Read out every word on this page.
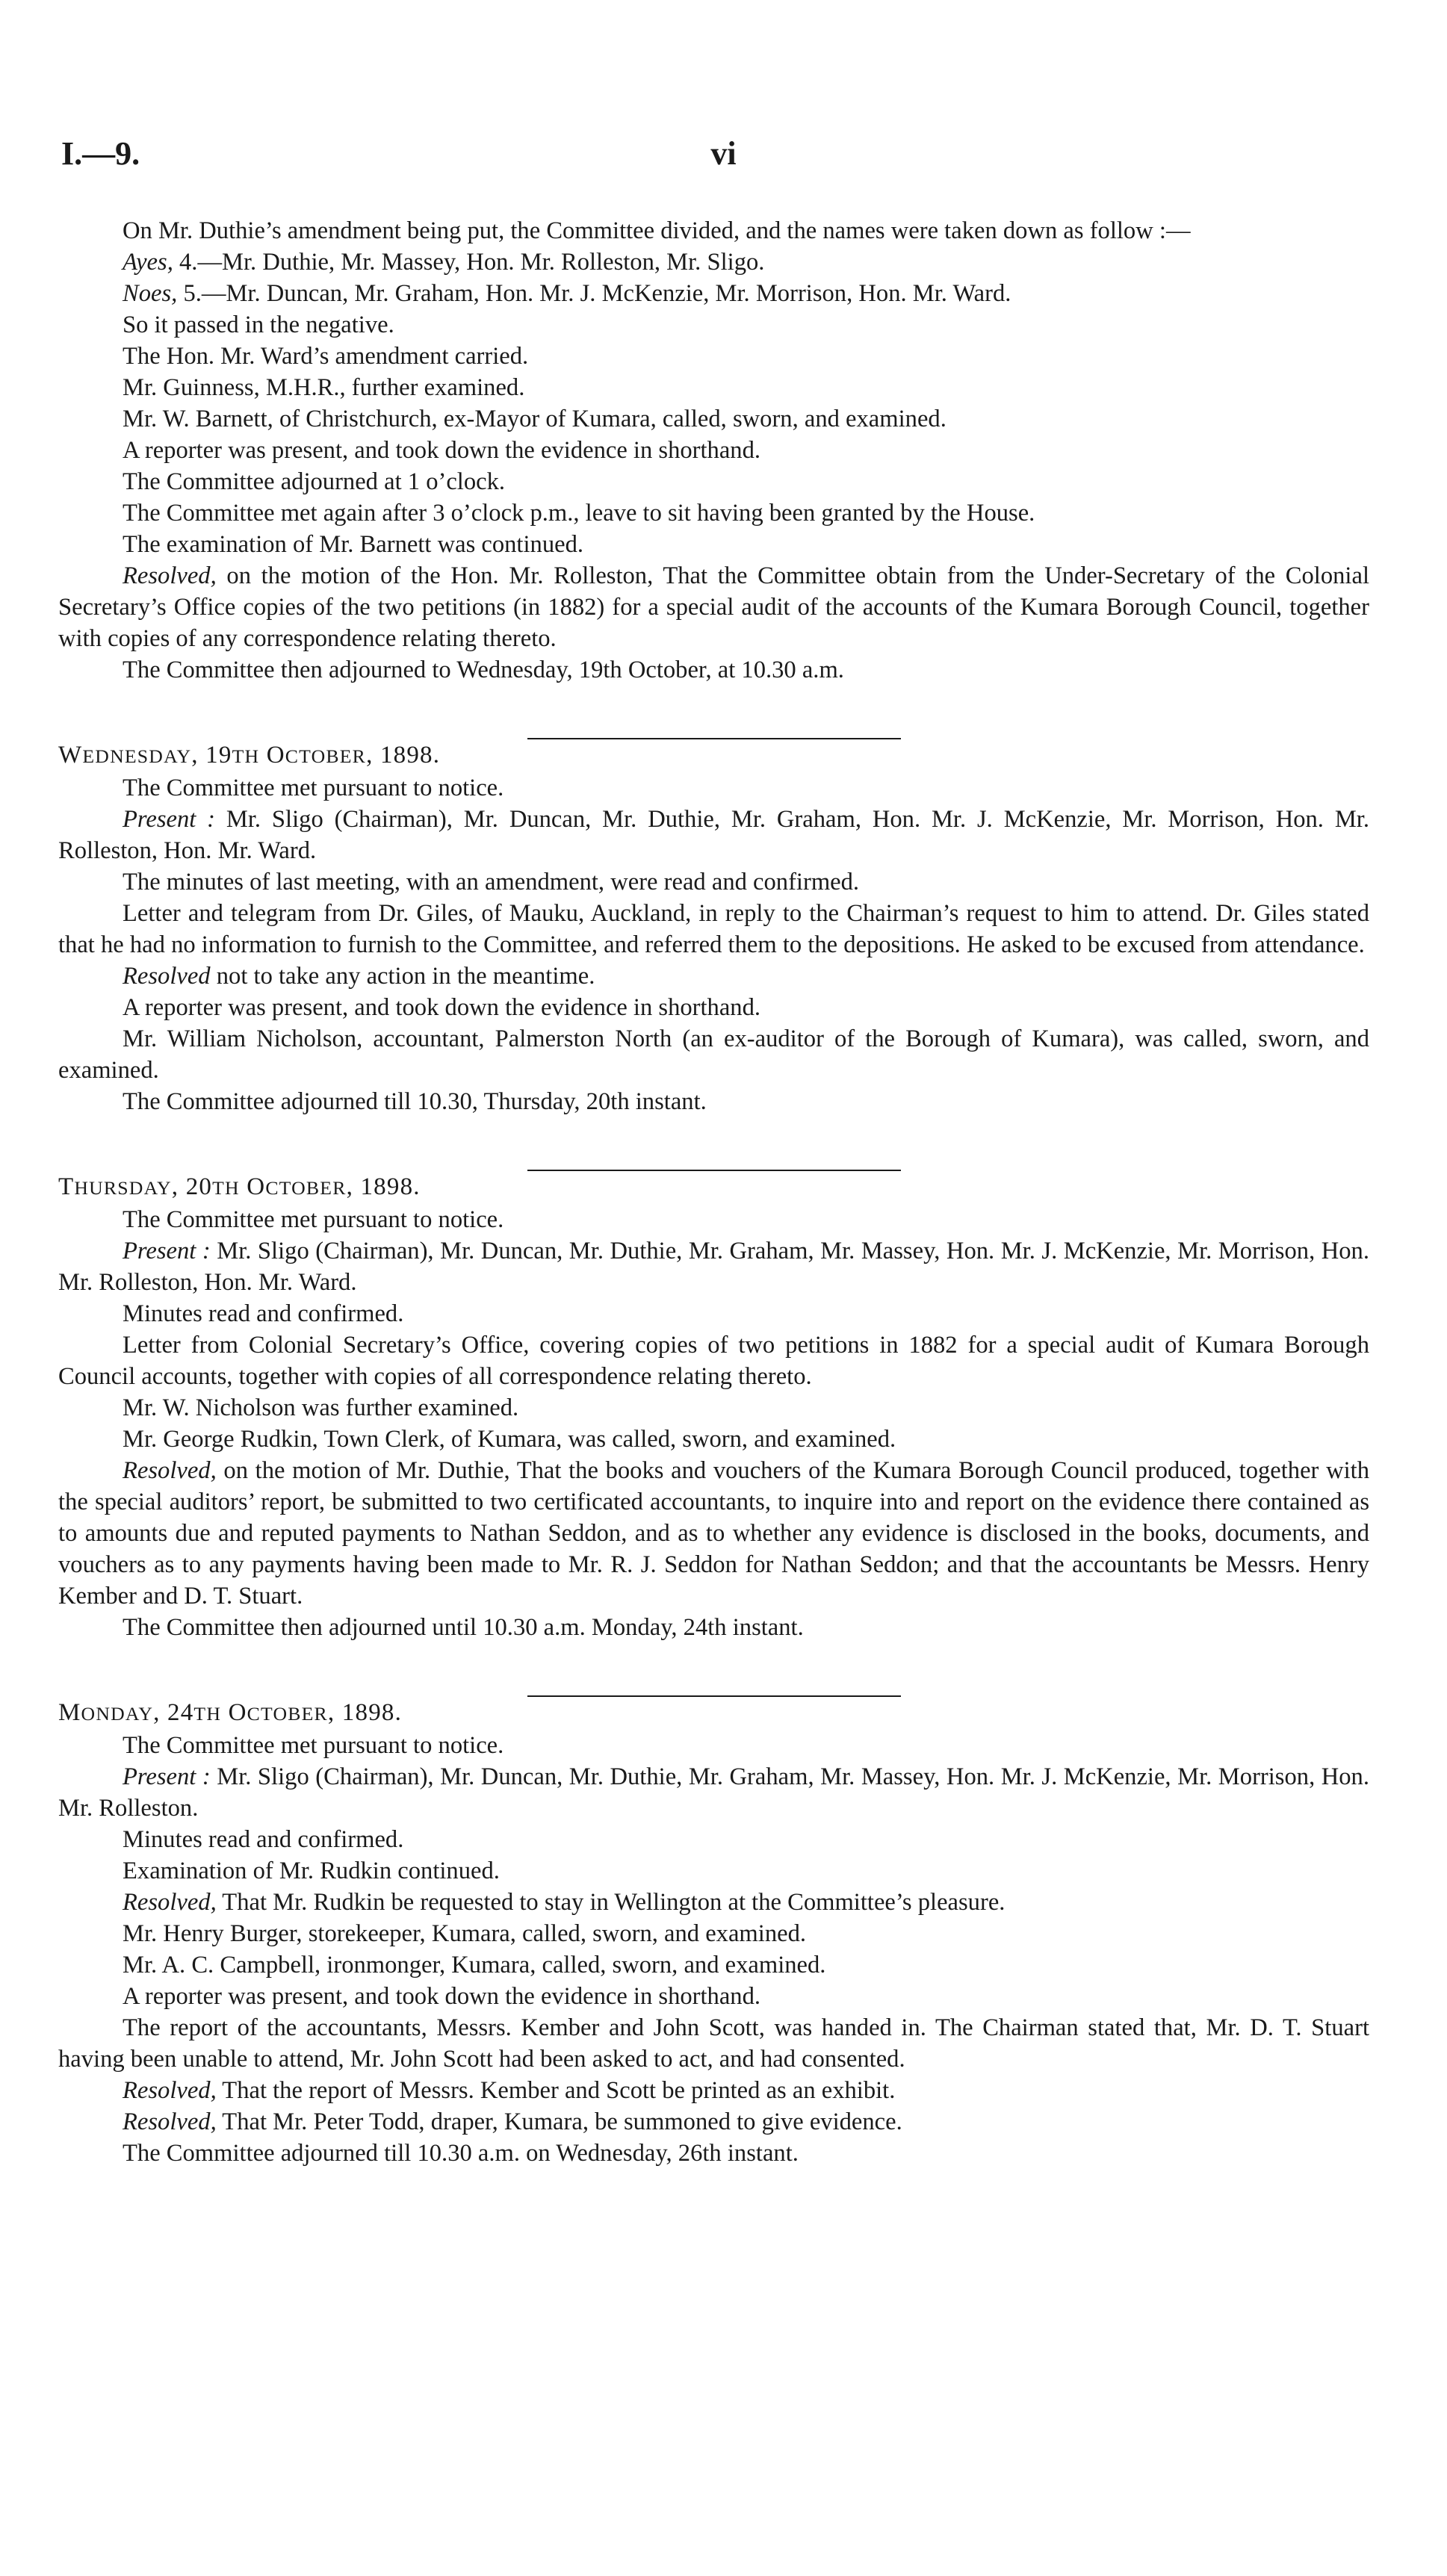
I.—9.	vi

On Mr. Duthie’s amendment being put, the Committee divided, and the names were taken down as follow :—

Ayes, 4.—Mr. Duthie, Mr. Massey, Hon. Mr. Rolleston, Mr. Sligo.

Noes, 5.—Mr. Duncan, Mr. Graham, Hon. Mr. J. McKenzie, Mr. Morrison, Hon. Mr. Ward.

So it passed in the negative.

The Hon. Mr. Ward’s amendment carried.

Mr. Guinness, M.H.R., further examined.

Mr. W. Barnett, of Christchurch, ex-Mayor of Kumara, called, sworn, and examined.

A reporter was present, and took down the evidence in shorthand.

The Committee adjourned at 1 o’clock.

The Committee met again after 3 o’clock p.m., leave to sit having been granted by the House.

The examination of Mr. Barnett was continued.

Resolved, on the motion of the Hon. Mr. Rolleston, That the Committee obtain from the Under-Secretary of the Colonial Secretary’s Office copies of the two petitions (in 1882) for a special audit of the accounts of the Kumara Borough Council, together with copies of any correspondence relating thereto.

The Committee then adjourned to Wednesday, 19th October, at 10.30 a.m.

WEDNESDAY, 19TH OCTOBER, 1898.

The Committee met pursuant to notice.

Present : Mr. Sligo (Chairman), Mr. Duncan, Mr. Duthie, Mr. Graham, Hon. Mr. J. McKenzie, Mr. Morrison, Hon. Mr. Rolleston, Hon. Mr. Ward.

The minutes of last meeting, with an amendment, were read and confirmed.

Letter and telegram from Dr. Giles, of Mauku, Auckland, in reply to the Chairman’s request to him to attend. Dr. Giles stated that he had no information to furnish to the Committee, and referred them to the depositions. He asked to be excused from attendance.

Resolved not to take any action in the meantime.

A reporter was present, and took down the evidence in shorthand.

Mr. William Nicholson, accountant, Palmerston North (an ex-auditor of the Borough of Kumara), was called, sworn, and examined.

The Committee adjourned till 10.30, Thursday, 20th instant.

THURSDAY, 20TH OCTOBER, 1898.

The Committee met pursuant to notice.

Present : Mr. Sligo (Chairman), Mr. Duncan, Mr. Duthie, Mr. Graham, Mr. Massey, Hon. Mr. J. McKenzie, Mr. Morrison, Hon. Mr. Rolleston, Hon. Mr. Ward.

Minutes read and confirmed.

Letter from Colonial Secretary’s Office, covering copies of two petitions in 1882 for a special audit of Kumara Borough Council accounts, together with copies of all correspondence relating thereto.

Mr. W. Nicholson was further examined.

Mr. George Rudkin, Town Clerk, of Kumara, was called, sworn, and examined.

Resolved, on the motion of Mr. Duthie, That the books and vouchers of the Kumara Borough Council produced, together with the special auditors’ report, be submitted to two certificated accountants, to inquire into and report on the evidence there contained as to amounts due and reputed payments to Nathan Seddon, and as to whether any evidence is disclosed in the books, documents, and vouchers as to any payments having been made to Mr. R. J. Seddon for Nathan Seddon; and that the accountants be Messrs. Henry Kember and D. T. Stuart.

The Committee then adjourned until 10.30 a.m. Monday, 24th instant.

MONDAY, 24TH OCTOBER, 1898.

The Committee met pursuant to notice.

Present : Mr. Sligo (Chairman), Mr. Duncan, Mr. Duthie, Mr. Graham, Mr. Massey, Hon. Mr. J. McKenzie, Mr. Morrison, Hon. Mr. Rolleston.

Minutes read and confirmed.

Examination of Mr. Rudkin continued.

Resolved, That Mr. Rudkin be requested to stay in Wellington at the Committee’s pleasure.

Mr. Henry Burger, storekeeper, Kumara, called, sworn, and examined.

Mr. A. C. Campbell, ironmonger, Kumara, called, sworn, and examined.

A reporter was present, and took down the evidence in shorthand.

The report of the accountants, Messrs. Kember and John Scott, was handed in. The Chairman stated that, Mr. D. T. Stuart having been unable to attend, Mr. John Scott had been asked to act, and had consented.

Resolved, That the report of Messrs. Kember and Scott be printed as an exhibit.

Resolved, That Mr. Peter Todd, draper, Kumara, be summoned to give evidence.

The Committee adjourned till 10.30 a.m. on Wednesday, 26th instant.
